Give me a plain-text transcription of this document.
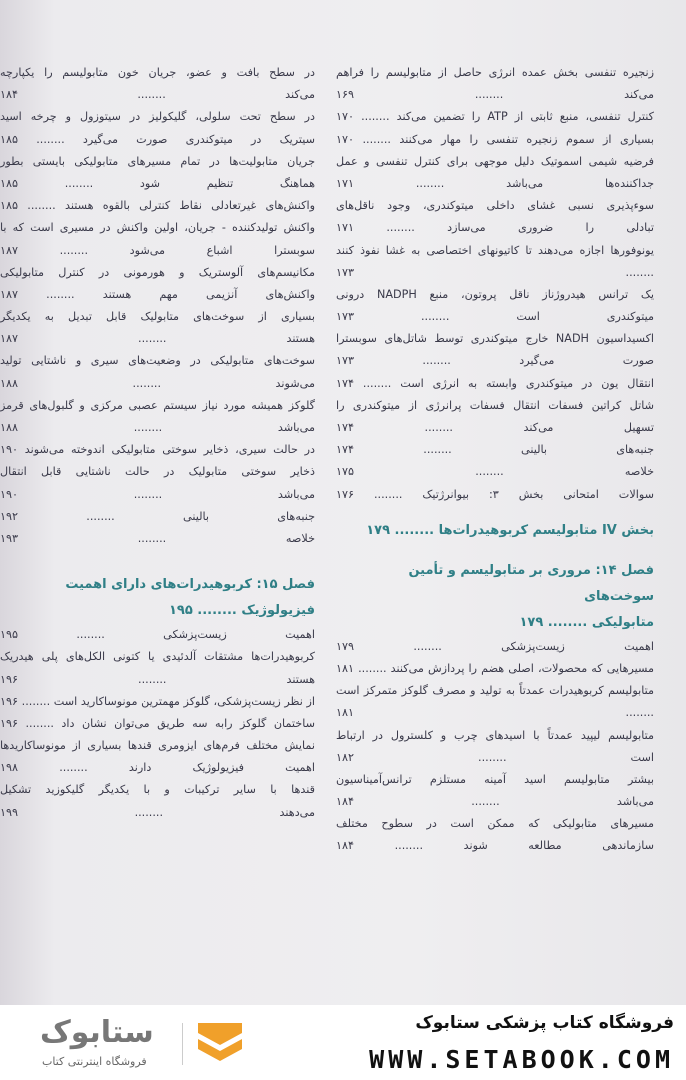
زنجیره تنفسی بخش عمده انرژی حاصل از متابولیسم را فراهم
می‌کند ........ ۱۶۹
کنترل تنفسی، منبع ثابتی از ATP را تضمین می‌کند ........ ۱۷۰
بسیاری از سموم زنجیره تنفسی را مهار می‌کنند ........ ۱۷۰
فرضیه شیمی اسموتیک دلیل موجهی برای کنترل تنفسی و عمل
جداکننده‌ها می‌باشد ........ ۱۷۱
سوء‌پذیری نسبی غشای داخلی میتوکندری، وجود ناقل‌های
تبادلی را ضروری می‌سازد ........ ۱۷۱
یونوفورها اجازه می‌دهند تا کاتیونهای اختصاصی به غشا نفوذ کنند
........ ۱۷۳
یک ترانس هیدروژناز ناقل پروتون، منبع NADPH درونی
میتوکندری است ........ ۱۷۳
اکسیداسیون NADH خارج میتوکندری توسط شاتل‌های سوبسترا
صورت می‌گیرد ........ ۱۷۳
انتقال یون در میتوکندری وابسته به انرژی است ........ ۱۷۴
شاتل کراتین فسفات انتقال فسفات پرانرژی از میتوکندری را
تسهیل می‌کند ........ ۱۷۴
جنبه‌های بالینی ........ ۱۷۴
خلاصه ........ ۱۷۵
سوالات امتحانی بخش ۳: بیوانرژتیک ........ ۱۷۶
بخش IV متابولیسم کربوهیدرات‌ها ........ ۱۷۹
فصل ۱۴: مروری بر متابولیسم و تأمین سوخت‌های
متابولیکی ........ ۱۷۹
اهمیت زیست‌پزشکی ........ ۱۷۹
مسیرهایی که محصولات، اصلی هضم را پردازش می‌کنند ........ ۱۸۱
متابولیسم کربوهیدرات عمدتاً به تولید و مصرف گلوکز متمرکز است
........ ۱۸۱
متابولیسم لیپید عمدتاً با اسیدهای چرب و کلسترول در ارتباط
است ........ ۱۸۲
بیشتر متابولیسم اسید آمینه مستلزم ترانس‌آمیناسیون
می‌باشد ........ ۱۸۴
مسیرهای متابولیکی که ممکن است در سطوح مختلف
سازماندهی مطالعه شوند ........ ۱۸۴
در سطح بافت و عضو، جریان خون متابولیسم را یکپارچه
می‌کند ........ ۱۸۴
در سطح تحت سلولی، گلیکولیز در سیتوزول و چرخه اسید
سیتریک در میتوکندری صورت می‌گیرد ........ ۱۸۵
جریان متابولیت‌ها در تمام مسیرهای متابولیکی بایستی بطور
هماهنگ تنظیم شود ........ ۱۸۵
واکنش‌های غیرتعادلی نقاط کنترلی بالقوه هستند ........ ۱۸۵
واکنش تولیدکننده - جریان، اولین واکنش در مسیری است که با
سوبسترا اشباع می‌شود ........ ۱۸۷
مکانیسم‌های آلوستریک و هورمونی در کنترل متابولیکی
واکنش‌های آنزیمی مهم هستند ........ ۱۸۷
بسیاری از سوخت‌های متابولیک قابل تبدیل به یکدیگر
هستند ........ ۱۸۷
سوخت‌های متابولیکی در وضعیت‌های سیری و ناشتایی تولید
می‌شوند ........ ۱۸۸
گلوکز همیشه مورد نیاز سیستم عصبی مرکزی و گلبول‌های قرمز
می‌باشد ........ ۱۸۸
در حالت سیری، ذخایر سوختی متابولیکی اندوخته می‌شوند ۱۹۰
ذخایر سوختی متابولیک در حالت ناشتایی قابل انتقال
می‌باشد ........ ۱۹۰
جنبه‌های بالینی ........ ۱۹۲
خلاصه ........ ۱۹۳
فصل ۱۵: کربوهیدرات‌های دارای اهمیت
فیزیولوژیک ........ ۱۹۵
اهمیت زیست‌پزشکی ........ ۱۹۵
کربوهیدرات‌ها مشتقات آلدئیدی یا کتونی الکل‌های پلی هیدریک
هستند ........ ۱۹۶
از نظر زیست‌پزشکی، گلوکز مهمترین مونوساکارید است ........ ۱۹۶
ساختمان گلوکز رابه سه طریق می‌توان نشان داد ........ ۱۹۶
نمایش مختلف فرم‌های ایزومری قندها بسیاری از مونوساکاریدها
اهمیت فیزیولوژیک دارند ........ ۱۹۸
قندها با سایر ترکیبات و با یکدیگر گلیکوزید تشکیل
می‌دهند ........ ۱۹۹
فروشگاه کتاب پزشکی ستابوک
WWW.SETABOOK.COM
ستابوک
فروشگاه اینترنتی کتاب
